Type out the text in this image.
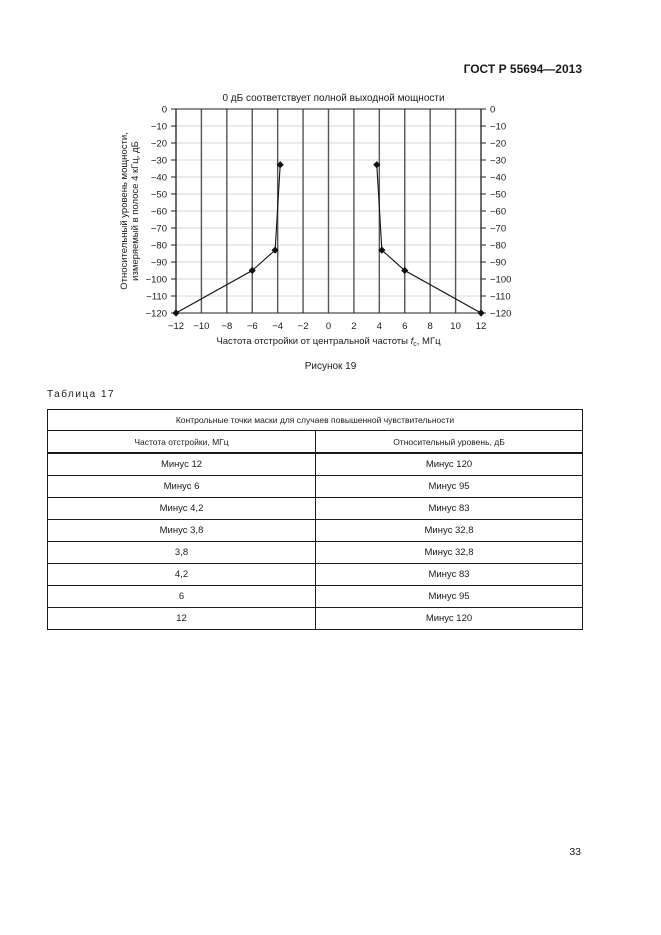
ГОСТ Р 55694—2013
0	0
−10	−10
−20	−20
−30	−30
−40	−40
−50	−50
−60	−60
−70	−70
−80	−80
−90	−90
−100	−100
−110	−110
−120	−120
−12 −10 −8 −6 −4 −2 0 2 4 6 8 10 12
0 дБ соответствует полной выходной мощности
Относительный уровень мощности,измеряемый в полосе 4 кГц, дБ
Частота отстройки от центральной частоты $f_c$, МГц
Рисунок 19
Таблица 17
Контрольные точки маски для случаев повышенной чувствительности	
Частота отстройки, МГц	Относительный уровень, дБ
Минус 12	Минус 120
Минус 6	Минус 95
Минус 4,2	Минус 83
Минус 3,8	Минус 32,8
3,8	Минус 32,8
4,2	Минус 83
6	Минус 95
12	Минус 120
33
